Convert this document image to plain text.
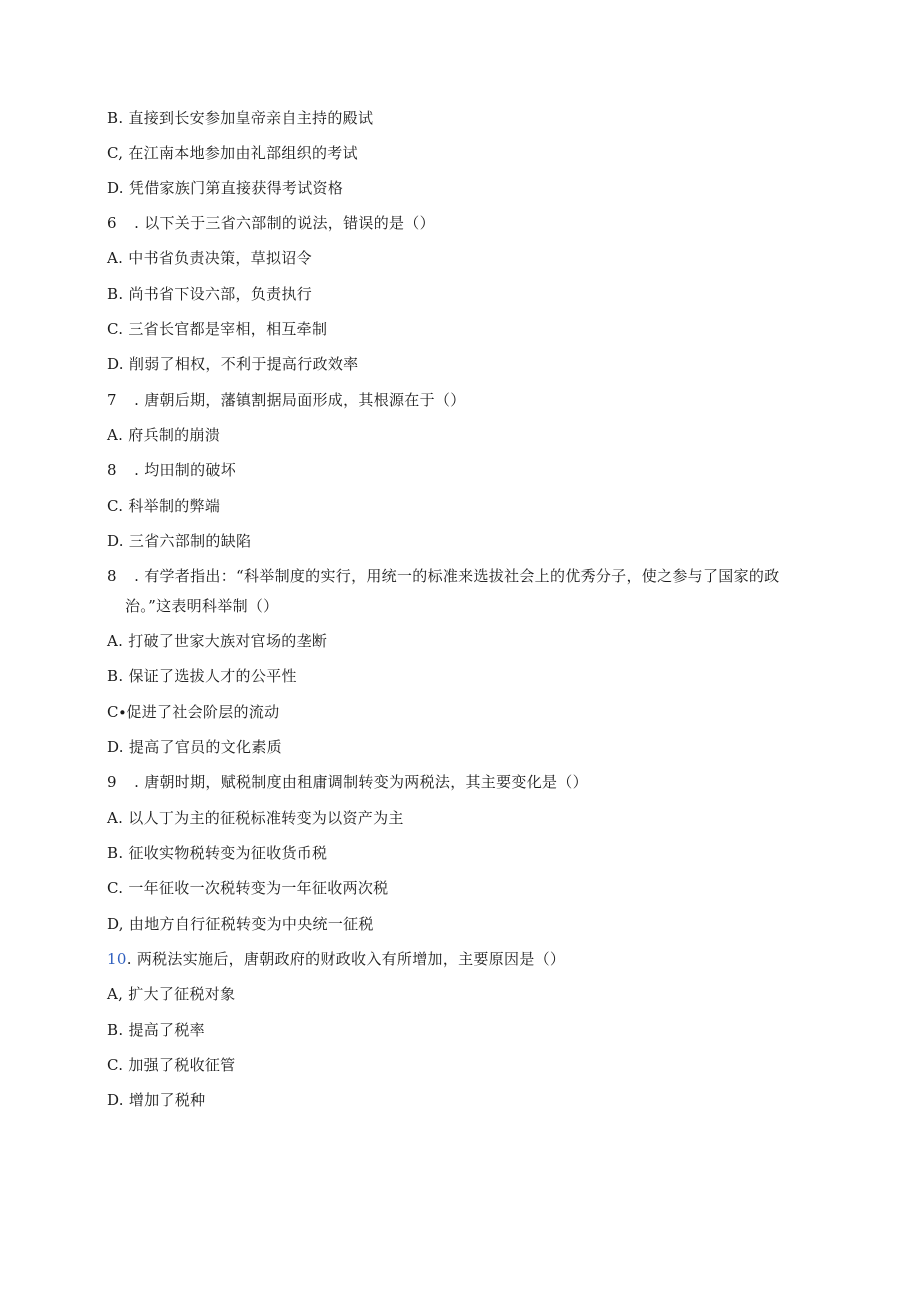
B. 直接到长安参加皇帝亲自主持的殿试
C, 在江南本地参加由礼部组织的考试
D. 凭借家族门第直接获得考试资格
6 . 以下关于三省六部制的说法，错误的是（）
A. 中书省负责决策，草拟诏令
B. 尚书省下设六部，负责执行
C. 三省长官都是宰相，相互牵制
D. 削弱了相权，不利于提高行政效率
7 . 唐朝后期，藩镇割据局面形成，其根源在于（）
A. 府兵制的崩溃
8 . 均田制的破坏
C. 科举制的弊端
D. 三省六部制的缺陷
8 . 有学者指出：“科举制度的实行，用统一的标准来选拔社会上的优秀分子，使之参与了国家的政
治。”这表明科举制（）
A. 打破了世家大族对官场的垄断
B. 保证了选拔人才的公平性
C∙促进了社会阶层的流动
D. 提高了官员的文化素质
9 . 唐朝时期，赋税制度由租庸调制转变为两税法，其主要变化是（）
A. 以人丁为主的征税标准转变为以资产为主
B. 征收实物税转变为征收货币税
C. 一年征收一次税转变为一年征收两次税
D, 由地方自行征税转变为中央统一征税
10. 两税法实施后，唐朝政府的财政收入有所增加，主要原因是（）
A, 扩大了征税对象
B. 提高了税率
C. 加强了税收征管
D. 增加了税种
